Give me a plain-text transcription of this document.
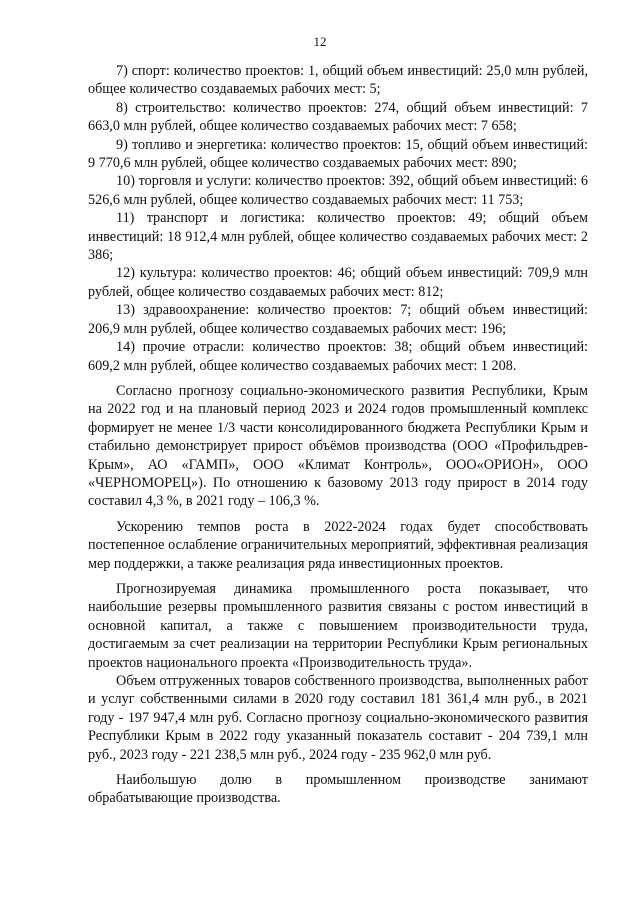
12

7) спорт: количество проектов: 1, общий объем инвестиций: 25,0 млн рублей, общее количество создаваемых рабочих мест: 5;

8) строительство: количество проектов: 274, общий объем инвестиций: 7 663,0 млн рублей, общее количество создаваемых рабочих мест: 7 658;

9) топливо и энергетика: количество проектов: 15, общий объем инвестиций: 9 770,6 млн рублей, общее количество создаваемых рабочих мест: 890;

10) торговля и услуги: количество проектов: 392, общий объем инвестиций: 6 526,6 млн рублей, общее количество создаваемых рабочих мест: 11 753;

11) транспорт и логистика: количество проектов: 49; общий объем инвестиций: 18 912,4 млн рублей, общее количество создаваемых рабочих мест: 2 386;

12) культура: количество проектов: 46; общий объем инвестиций: 709,9 млн рублей, общее количество создаваемых рабочих мест: 812;

13) здравоохранение: количество проектов: 7; общий объем инвестиций: 206,9 млн рублей, общее количество создаваемых рабочих мест: 196;

14) прочие отрасли: количество проектов: 38; общий объем инвестиций: 609,2 млн рублей, общее количество создаваемых рабочих мест: 1 208.

Согласно прогнозу социально-экономического развития Республики, Крым на 2022 год и на плановый период 2023 и 2024 годов промышленный комплекс формирует не менее 1/3 части консолидированного бюджета Республики Крым и стабильно демонстрирует прирост объёмов производства (ООО «Профильдрев-Крым», АО «ГАМП», ООО «Климат Контроль», ООО«ОРИОН», ООО «ЧЕРНОМОРЕЦ»). По отношению к базовому 2013 году прирост в 2014 году составил 4,3 %, в 2021 году – 106,3 %.

Ускорению темпов роста в 2022-2024 годах будет способствовать постепенное ослабление ограничительных мероприятий, эффективная реализация мер поддержки, а также реализация ряда инвестиционных проектов.

Прогнозируемая динамика промышленного роста показывает, что наибольшие резервы промышленного развития связаны с ростом инвестиций в основной капитал, а также с повышением производительности труда, достигаемым за счет реализации на территории Республики Крым региональных проектов национального проекта «Производительность труда».

Объем отгруженных товаров собственного производства, выполненных работ и услуг собственными силами в 2020 году составил 181 361,4 млн руб., в 2021 году - 197 947,4 млн руб. Согласно прогнозу социально-экономического развития Республики Крым в 2022 году указанный показатель составит - 204 739,1 млн руб., 2023 году - 221 238,5 млн руб., 2024 году - 235 962,0 млн руб.

Наибольшую долю в промышленном производстве занимают обрабатывающие производства.
